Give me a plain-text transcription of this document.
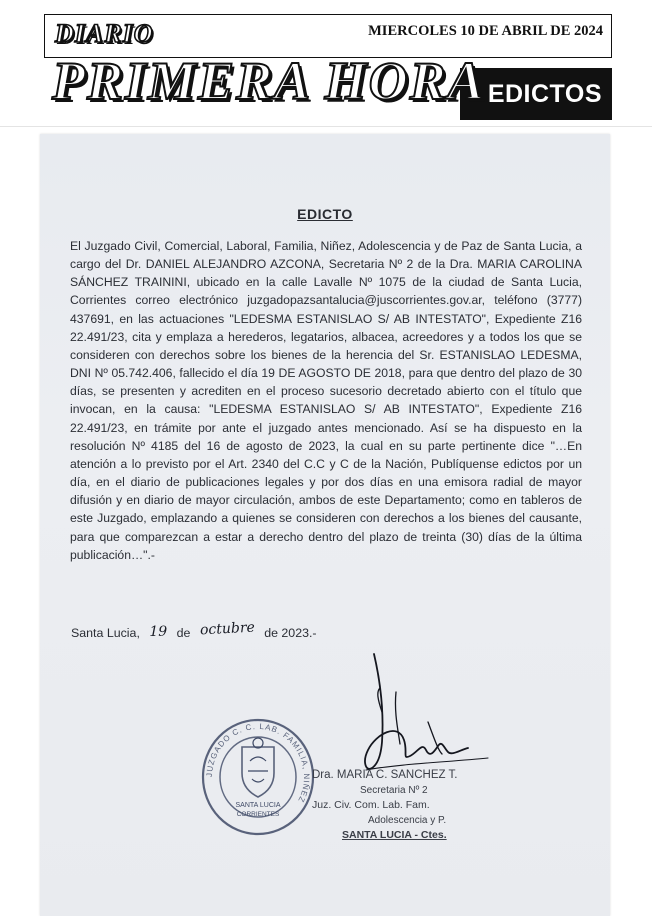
DIARIO	MIERCOLES 10 DE ABRIL DE 2024
PRIMERA HORA EDICTOS
EDICTO
El Juzgado Civil, Comercial, Laboral, Familia, Niñez, Adolescencia y de Paz de Santa Lucia, a cargo del Dr. DANIEL ALEJANDRO AZCONA, Secretaria Nº 2 de la Dra. MARIA CAROLINA SÁNCHEZ TRAININI, ubicado en la calle Lavalle Nº 1075 de la ciudad de Santa Lucia, Corrientes correo electrónico juzgadopazsantalucia@juscorrientes.gov.ar, teléfono (3777) 437691, en las actuaciones "LEDESMA ESTANISLAO S/ AB INTESTATO", Expediente Z16 22.491/23, cita y emplaza a herederos, legatarios, albacea, acreedores y a todos los que se consideren con derechos sobre los bienes de la herencia del Sr. ESTANISLAO LEDESMA, DNI Nº 05.742.406, fallecido el día 19 DE AGOSTO DE 2018, para que dentro del plazo de 30 días, se presenten y acrediten en el proceso sucesorio decretado abierto con el título que invocan, en la causa: "LEDESMA ESTANISLAO S/ AB INTESTATO", Expediente Z16 22.491/23, en trámite por ante el juzgado antes mencionado. Así se ha dispuesto en la resolución Nº 4185 del 16 de agosto de 2023, la cual en su parte pertinente dice "…En atención a lo previsto por el Art. 2340 del C.C y C de la Nación, Publíquense edictos por un día, en el diario de publicaciones legales y por dos días en una emisora radial de mayor difusión y en diario de mayor circulación, ambos de este Departamento; como en tableros de este Juzgado, emplazando a quienes se consideren con derechos a los bienes del causante, para que comparezcan a estar a derecho dentro del plazo de treinta (30) días de la última publicación…".-
Santa Lucia, 19 de octubre de 2023.-
JUZGADO C. C. LAB. FAMILIA, NIÑEZ
SANTA LUCIA
CORRIENTES
Dra. MARIA C. SANCHEZ T.
Secretaria Nº 2
Juz. Civ. Com. Lab. Fam.
Adolescencia y P.
SANTA LUCIA - Ctes.
